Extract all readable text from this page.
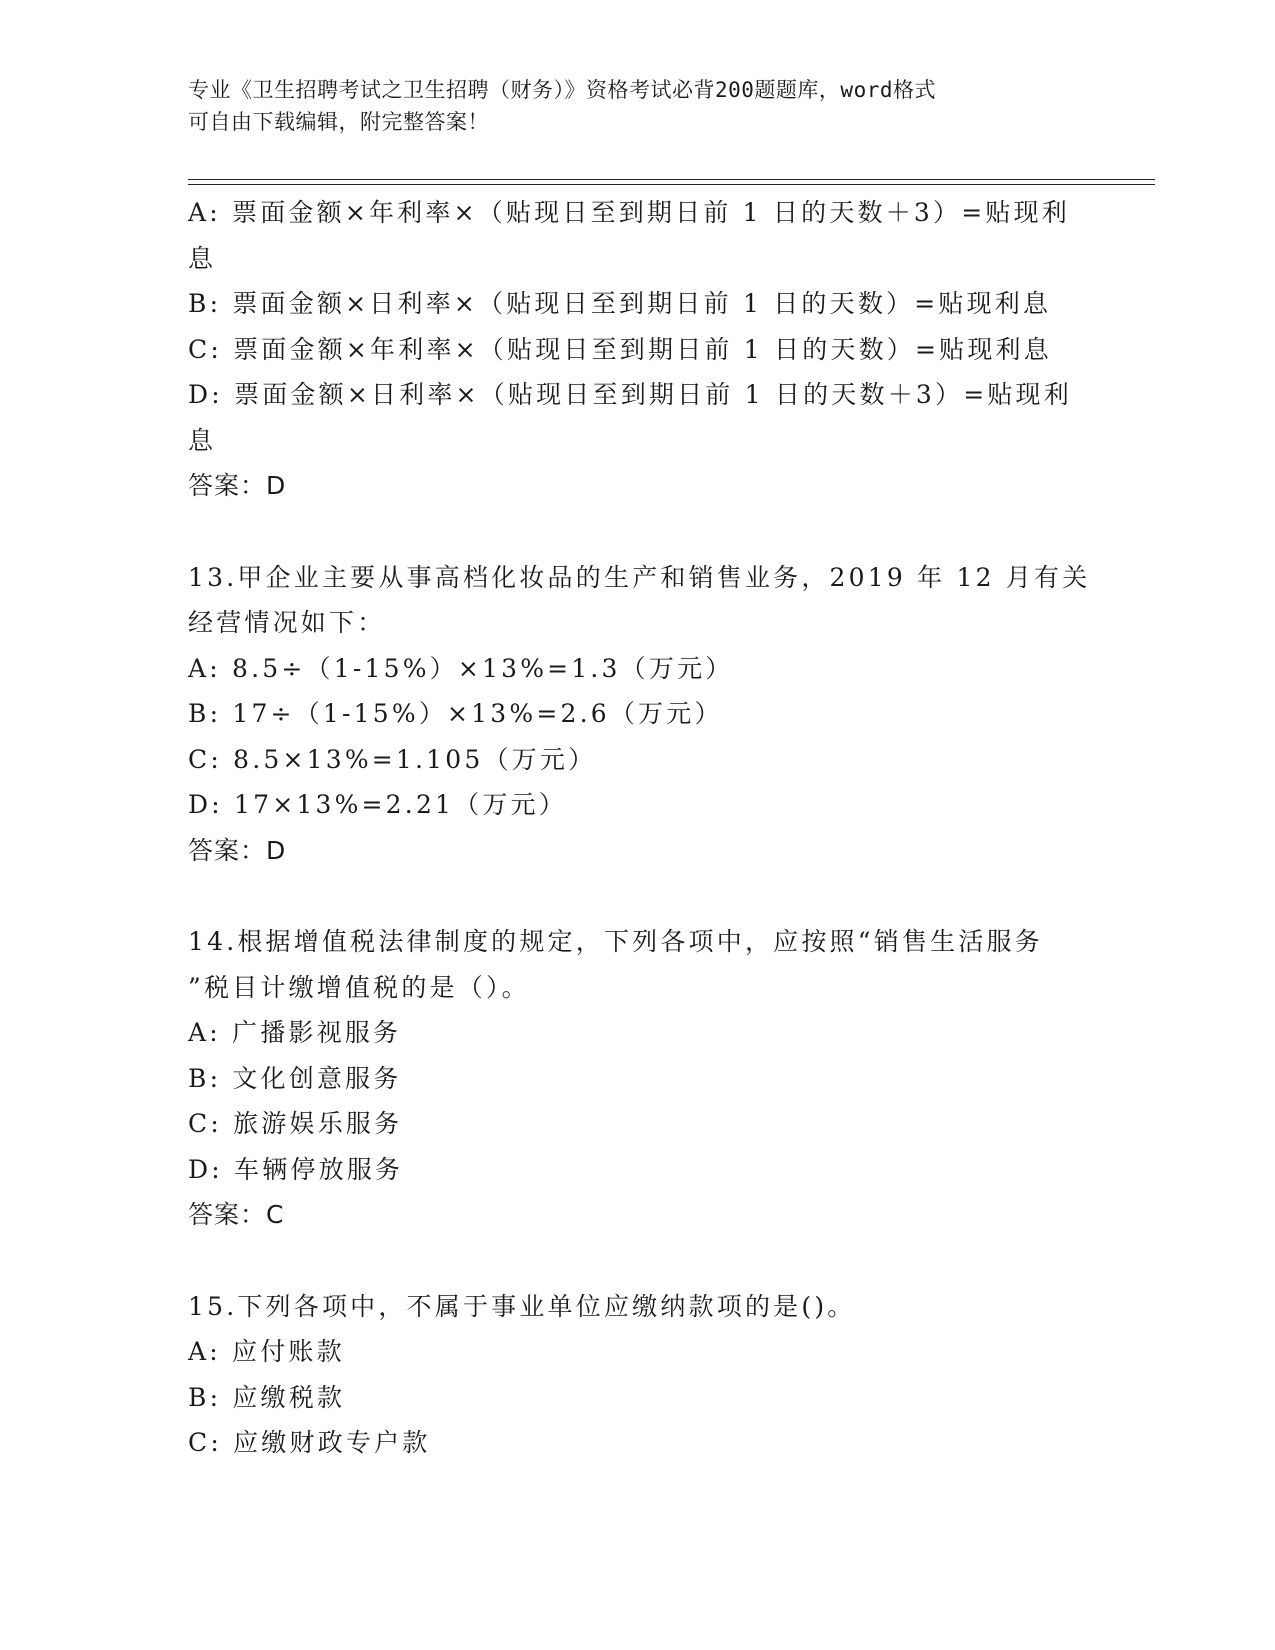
专业《卫生招聘考试之卫生招聘（财务）》资格考试必背200题题库，word格式
可自由下载编辑，附完整答案！
A: 票面金额×年利率×（贴现日至到期日前 1 日的天数＋3）=贴现利
息
B: 票面金额×日利率×（贴现日至到期日前 1 日的天数）=贴现利息
C: 票面金额×年利率×（贴现日至到期日前 1 日的天数）=贴现利息
D: 票面金额×日利率×（贴现日至到期日前 1 日的天数＋3）=贴现利
息
答案：D
13.甲企业主要从事高档化妆品的生产和销售业务，2019 年 12 月有关
经营情况如下：
A: 8.5÷（1-15%）×13%=1.3（万元）
B: 17÷（1-15%）×13%=2.6（万元）
C: 8.5×13%=1.105（万元）
D: 17×13%=2.21（万元）
答案：D
14.根据增值税法律制度的规定，下列各项中，应按照“销售生活服务
”税目计缴增值税的是（）。
A: 广播影视服务
B: 文化创意服务
C: 旅游娱乐服务
D: 车辆停放服务
答案：C
15.下列各项中，不属于事业单位应缴纳款项的是()。
A: 应付账款
B: 应缴税款
C: 应缴财政专户款
